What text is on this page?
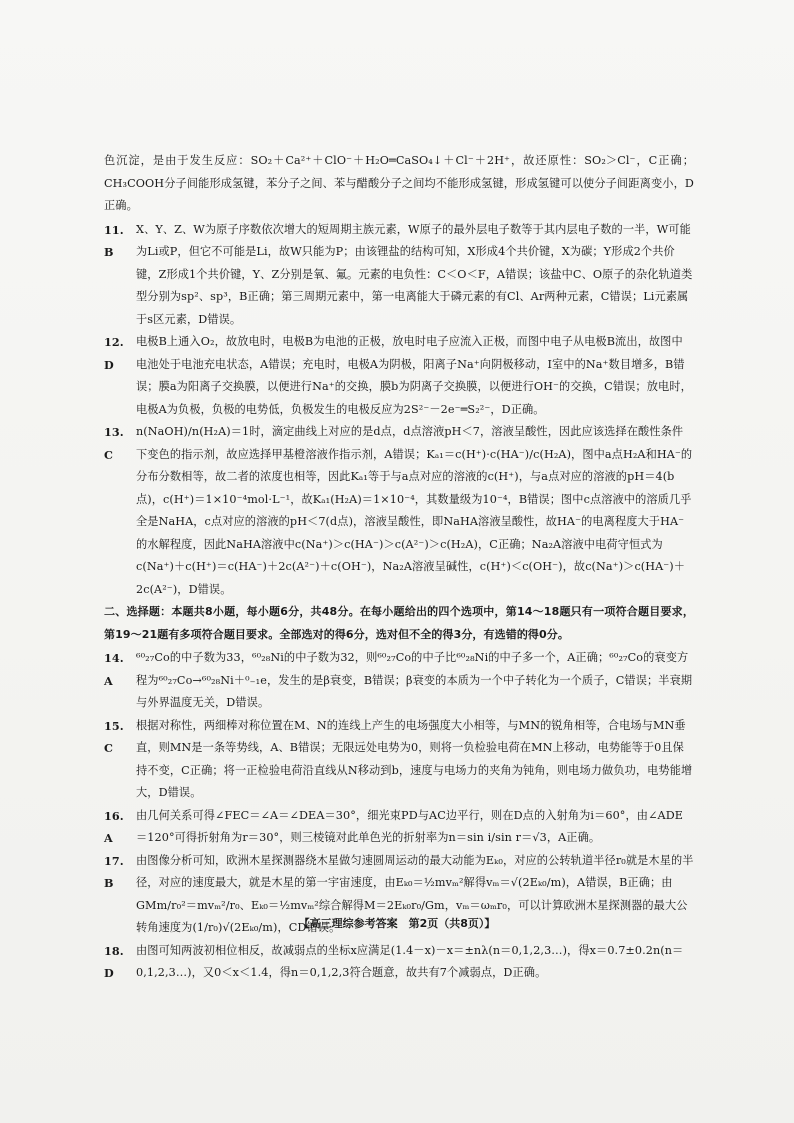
色沉淀，是由于发生反应：SO₂＋Ca²⁺＋ClO⁻＋H₂O═CaSO₄↓＋Cl⁻＋2H⁺，故还原性：SO₂＞Cl⁻，C正确；CH₃COOH分子间能形成氢键，苯分子之间、苯与醋酸分子之间均不能形成氢键，形成氢键可以使分子间距离变小，D正确。

11. B
X、Y、Z、W为原子序数依次增大的短周期主族元素，W原子的最外层电子数等于其内层电子数的一半，W可能为Li或P，但它不可能是Li，故W只能为P；由该锂盐的结构可知，X形成4个共价键，X为碳；Y形成2个共价键，Z形成1个共价键，Y、Z分别是氧、氟。元素的电负性：C＜O＜F，A错误；该盐中C、O原子的杂化轨道类型分别为sp²、sp³，B正确；第三周期元素中，第一电离能大于磷元素的有Cl、Ar两种元素，C错误；Li元素属于s区元素，D错误。
12. D
电极B上通入O₂，故放电时，电极B为电池的正极，放电时电子应流入正极，而图中电子从电极B流出，故图中电池处于电池充电状态，A错误；充电时，电极A为阴极，阳离子Na⁺向阴极移动，Ⅰ室中的Na⁺数目增多，B错误；膜a为阳离子交换膜，以便进行Na⁺的交换，膜b为阴离子交换膜，以便进行OH⁻的交换，C错误；放电时，电极A为负极，负极的电势低，负极发生的电极反应为2S²⁻－2e⁻═S₂²⁻，D正确。
13. C
n(NaOH)/n(H₂A)＝1时，滴定曲线上对应的是d点，d点溶液pH＜7，溶液呈酸性，因此应该选择在酸性条件下变色的指示剂，故应选择甲基橙溶液作指示剂，A错误；Kₐ₁＝c(H⁺)·c(HA⁻)/c(H₂A)，图中a点H₂A和HA⁻的分布分数相等，故二者的浓度也相等，因此Kₐ₁等于与a点对应的溶液的c(H⁺)，与a点对应的溶液的pH＝4(b点)，c(H⁺)＝1×10⁻⁴mol·L⁻¹，故Kₐ₁(H₂A)＝1×10⁻⁴，其数量级为10⁻⁴，B错误；图中c点溶液中的溶质几乎全是NaHA，c点对应的溶液的pH＜7(d点)，溶液呈酸性，即NaHA溶液呈酸性，故HA⁻的电离程度大于HA⁻的水解程度，因此NaHA溶液中c(Na⁺)＞c(HA⁻)＞c(A²⁻)＞c(H₂A)，C正确；Na₂A溶液中电荷守恒式为c(Na⁺)＋c(H⁺)＝c(HA⁻)＋2c(A²⁻)＋c(OH⁻)，Na₂A溶液呈碱性，c(H⁺)＜c(OH⁻)，故c(Na⁺)＞c(HA⁻)＋2c(A²⁻)，D错误。

二、选择题：本题共8小题，每小题6分，共48分。在每小题给出的四个选项中，第14～18题只有一项符合题目要求，第19～21题有多项符合题目要求。全部选对的得6分，选对但不全的得3分，有选错的得0分。

14. A
⁶⁰₂₇Co的中子数为33，⁶⁰₂₈Ni的中子数为32，则⁶⁰₂₇Co的中子比⁶⁰₂₈Ni的中子多一个，A正确；⁶⁰₂₇Co的衰变方程为⁶⁰₂₇Co→⁶⁰₂₈Ni＋⁰₋₁e，发生的是β衰变，B错误；β衰变的本质为一个中子转化为一个质子，C错误；半衰期与外界温度无关，D错误。
15. C
根据对称性，两细棒对称位置在M、N的连线上产生的电场强度大小相等，与MN的锐角相等，合电场与MN垂直，则MN是一条等势线，A、B错误；无限远处电势为0，则将一负检验电荷在MN上移动，电势能等于0且保持不变，C正确；将一正检验电荷沿直线从N移动到b，速度与电场力的夹角为钝角，则电场力做负功，电势能增大，D错误。
16. A
由几何关系可得∠FEC＝∠A＝∠DEA＝30°，细光束PD与AC边平行，则在D点的入射角为i＝60°，由∠ADE＝120°可得折射角为r＝30°，则三棱镜对此单色光的折射率为n＝sin i/sin r＝√3，A正确。
17. B
由图像分析可知，欧洲木星探测器绕木星做匀速圆周运动的最大动能为Eₖ₀，对应的公转轨道半径r₀就是木星的半径，对应的速度最大，就是木星的第一宇宙速度，由Eₖ₀＝½mvₘ²解得vₘ＝√(2Eₖ₀/m)，A错误，B正确；由GMm/r₀²＝mvₘ²/r₀、Eₖ₀＝½mvₘ²综合解得M＝2Eₖ₀r₀/Gm，vₘ＝ωₘr₀，可以计算欧洲木星探测器的最大公转角速度为(1/r₀)√(2Eₖ₀/m)，CD错误。
18. D
由图可知两波初相位相反，故减弱点的坐标x应满足(1.4－x)－x＝±nλ(n＝0,1,2,3…)，得x＝0.7±0.2n(n＝0,1,2,3…)，又0＜x＜1.4，得n＝0,1,2,3符合题意，故共有7个减弱点，D正确。
【高三理综参考答案　第2页（共8页）】
